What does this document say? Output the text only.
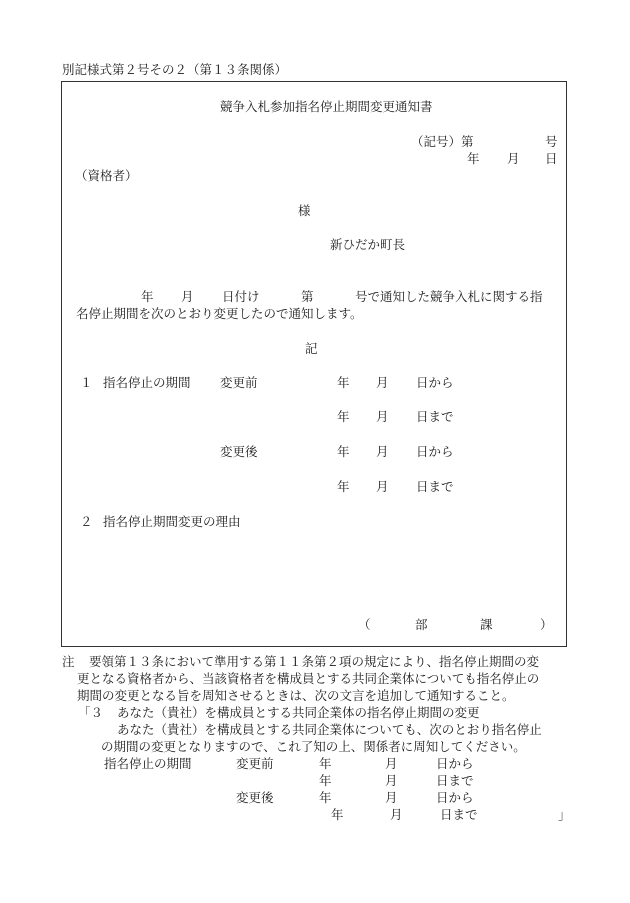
別記様式第２号その２（第１３条関係）
競争入札参加指名停止期間変更通知書
（記号）第	号
年 月 日
（資格者）
様
新ひだか町長
年 月 日付け	第	号で通知した競争入札に関する指
名停止期間を次のとおり変更したので通知します。
記
１ 指名停止の期間 変更前	年 月 日から
年 月 日まで
変更後	年 月 日から
年 月 日まで
２ 指名停止期間変更の理由
（	部	課	）
注 要領第１３条において準用する第１１条第２項の規定により、指名停止期間の変
更となる資格者から、当該資格者を構成員とする共同企業体についても指名停止の
期間の変更となる旨を周知させるときは、次の文言を追加して通知すること。
「３ あなた（貴社）を構成員とする共同企業体の指名停止期間の変更
あなた（貴社）を構成員とする共同企業体についても、次のとおり指名停止
の期間の変更となりますので、これ了知の上、関係者に周知してください。
指名停止の期間	変更前	年	月	日から
年	月	日まで
変更後	年	月	日から
年	月	日まで	」
